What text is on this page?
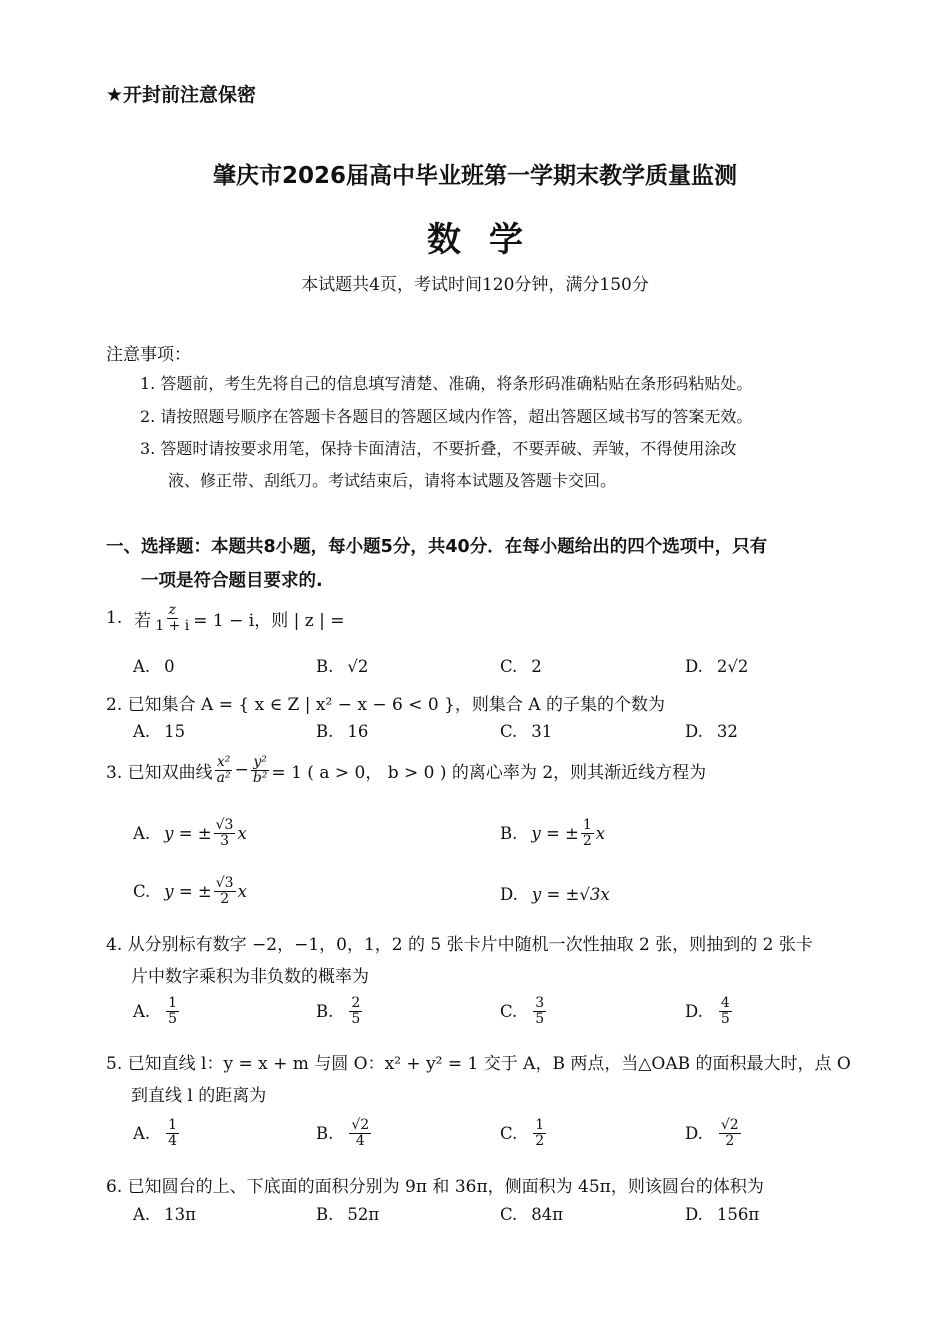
★开封前注意保密
肇庆市2026届高中毕业班第一学期末教学质量监测
数学
本试题共4页，考试时间120分钟，满分150分
注意事项：
1. 答题前，考生先将自己的信息填写清楚、准确，将条形码准确粘贴在条形码粘贴处。
2. 请按照题号顺序在答题卡各题目的答题区域内作答，超出答题区域书写的答案无效。
3. 答题时请按要求用笔，保持卡面清洁，不要折叠，不要弄破、弄皱，不得使用涂改
液、修正带、刮纸刀。考试结束后，请将本试题及答题卡交回。
一、选择题：本题共8小题，每小题5分，共40分．在每小题给出的四个选项中，只有
一项是符合题目要求的.
1. 若 $\frac{z}{1 + i} = 1 - i$，则 | z | =
A. 0	B. √2	C. 2	D. 2√2
2. 已知集合 A = { x ∈ Z | x² − x − 6 < 0 }，则集合 A 的子集的个数为
A. 15	B. 16	C. 31	D. 32
3. 已知双曲线 $\frac{\text{x²}}{\text{a²}} - \frac{\text{y²}}{\text{b²}} = 1$ ( a > 0， b > 0 ) 的离心率为 2，则其渐近线方程为
A. y = ± $\frac{√3}{3}$ x	B. y = ± $\frac{1}{2}$ x
C. y = ± $\frac{√3}{2}$ x	D. y = ±√3x
4. 从分别标有数字 −2，−1，0，1，2 的 5 张卡片中随机一次性抽取 2 张，则抽到的 2 张卡
片中数字乘积为非负数的概率为
A. $\frac{1}{5}$	B. $\frac{2}{5}$	C. $\frac{3}{5}$	D. $\frac{4}{5}$
5. 已知直线 l：y = x + m 与圆 O：x² + y² = 1 交于 A，B 两点，当△OAB 的面积最大时，点 O
到直线 l 的距离为
A. $\frac{1}{4}$	B. $\frac{√2}{4}$	C. $\frac{1}{2}$	D. $\frac{√2}{2}$
6. 已知圆台的上、下底面的面积分别为 9π 和 36π，侧面积为 45π，则该圆台的体积为
A. 13π	B. 52π	C. 84π	D. 156π
